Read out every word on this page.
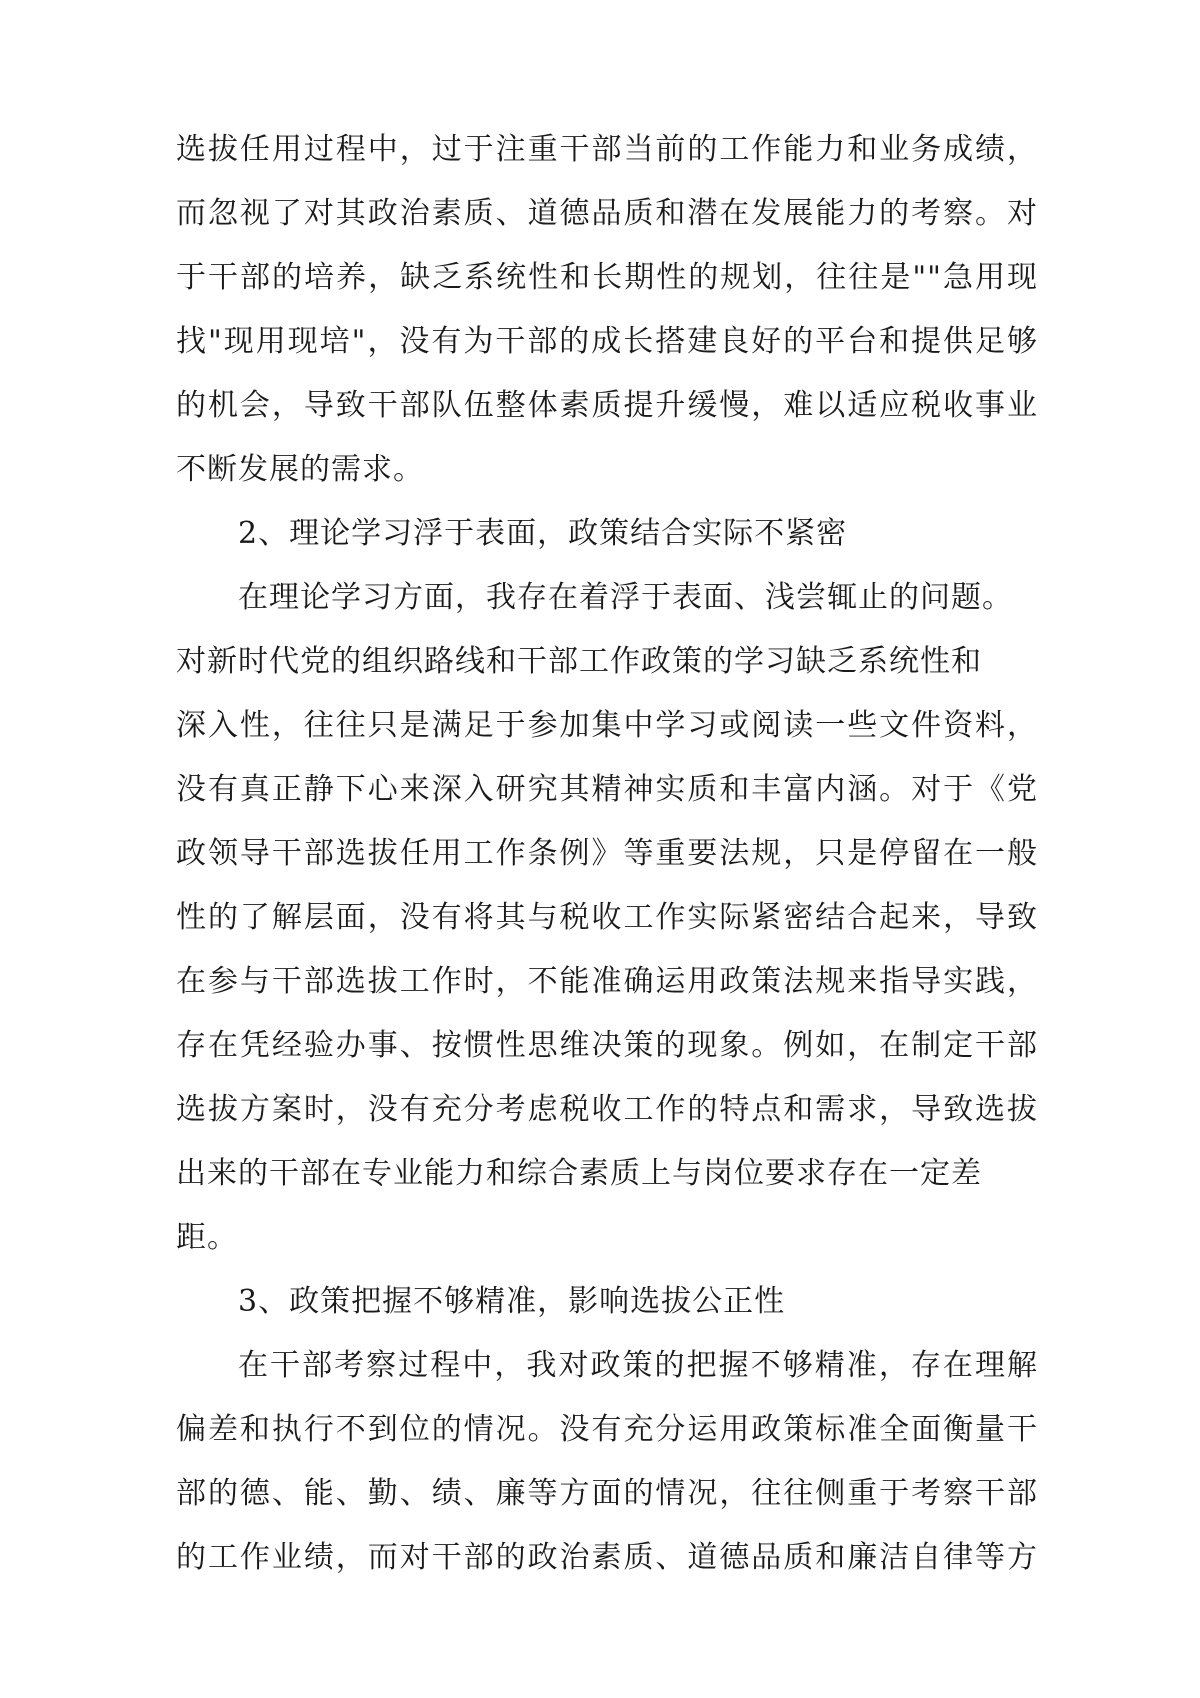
选拔任用过程中，过于注重干部当前的工作能力和业务成绩，
而忽视了对其政治素质、道德品质和潜在发展能力的考察。对
于干部的培养，缺乏系统性和长期性的规划，往往是""急用现
找"现用现培"，没有为干部的成长搭建良好的平台和提供足够
的机会，导致干部队伍整体素质提升缓慢，难以适应税收事业
不断发展的需求。
2、理论学习浮于表面，政策结合实际不紧密
在理论学习方面，我存在着浮于表面、浅尝辄止的问题。
对新时代党的组织路线和干部工作政策的学习缺乏系统性和
深入性，往往只是满足于参加集中学习或阅读一些文件资料，
没有真正静下心来深入研究其精神实质和丰富内涵。对于《党
政领导干部选拔任用工作条例》等重要法规，只是停留在一般
性的了解层面，没有将其与税收工作实际紧密结合起来，导致
在参与干部选拔工作时，不能准确运用政策法规来指导实践，
存在凭经验办事、按惯性思维决策的现象。例如，在制定干部
选拔方案时，没有充分考虑税收工作的特点和需求，导致选拔
出来的干部在专业能力和综合素质上与岗位要求存在一定差
距。
3、政策把握不够精准，影响选拔公正性
在干部考察过程中，我对政策的把握不够精准，存在理解
偏差和执行不到位的情况。没有充分运用政策标准全面衡量干
部的德、能、勤、绩、廉等方面的情况，往往侧重于考察干部
的工作业绩，而对干部的政治素质、道德品质和廉洁自律等方
